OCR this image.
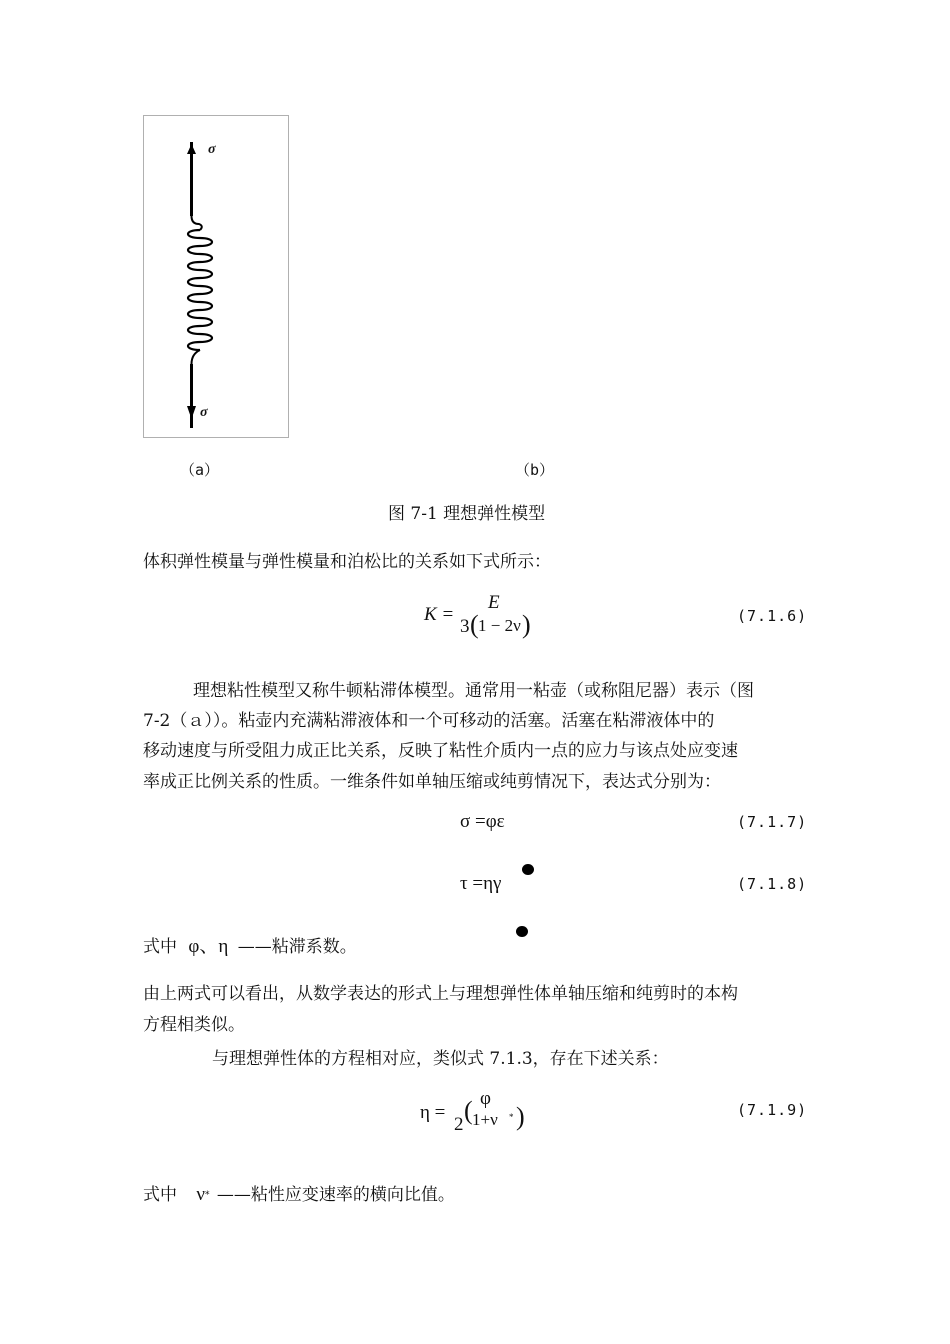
σ
σ
（a）	（b）
图 7-1 理想弹性模型
体积弹性模量与弹性模量和泊松比的关系如下式所示：
K =
E
3 ( 1 − 2ν )	(7.1.6)
理想粘性模型又称牛顿粘滞体模型。通常用一粘壶（或称阻尼器）表示（图
7-2（ａ））。粘壶内充满粘滞液体和一个可移动的活塞。活塞在粘滞液体中的
移动速度与所受阻力成正比关系，反映了粘性介质内一点的应力与该点处应变速
率成正比例关系的性质。一维条件如单轴压缩或纯剪情况下，表达式分别为：
σ =φε	(7.1.7)
τ =ηγ	(7.1.8)
式中 φ、η ——粘滞系数。
由上两式可以看出，从数学表达的形式上与理想弹性体单轴压缩和纯剪时的本构
方程相类似。
与理想弹性体的方程相对应，类似式 7.1.3，存在下述关系：
η =
φ
2 ( 1+ν * )	(7.1.9)
式中 ν* ——粘性应变速率的横向比值。
